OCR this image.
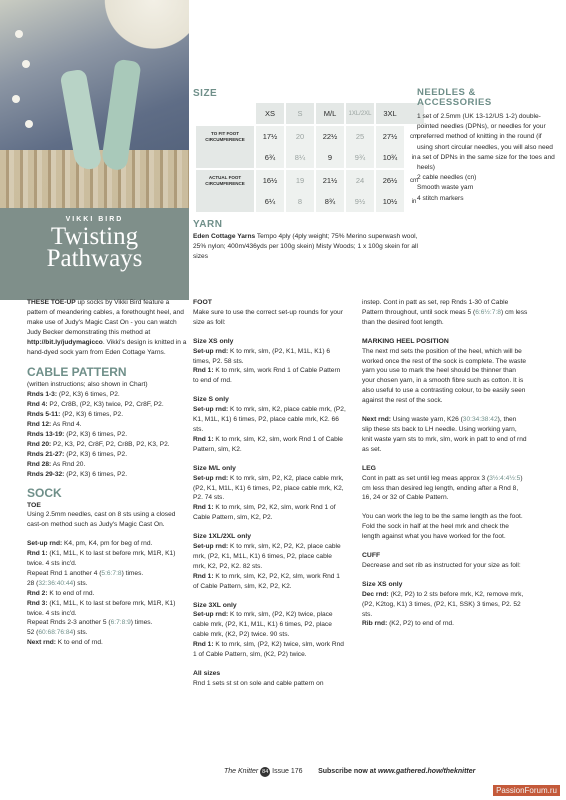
VIKKI BIRD
Twisting
Pathways
SIZE
	XS	S	M/L	1XL/2XL	3XL	

TO FIT FOOT CIRCUMFERENCE	17½	20	22½	25	27½	cm
	6¾	8¼	9	9¾	10¾	in

ACTUAL FOOT CIRCUMFERENCE	16½	19	21½	24	26½	cm
	6¼	8	8¾	9½	10½	in
YARN
Eden Cottage Yarns Tempo 4ply (4ply weight; 75% Merino superwash wool, 25% nylon; 400m/436yds per 100g skein) Misty Woods; 1 x 100g skein for all sizes
NEEDLES &
ACCESSORIES
1 set of 2.5mm (UK 13-12/US 1-2) double-pointed needles (DPNs), or needles for your preferred method of knitting in the round (if using short circular needles, you will also need a set of DPNs in the same size for the toes and heels)
2 cable needles (cn)
Smooth waste yarn
4 stitch markers

THESE TOE-UP up socks by Vikki Bird feature a pattern of meandering cables, a forethought heel, and make use of Judy's Magic Cast On - you can watch Judy Becker demonstrating this method at http://bit.ly/judymagicco. Vikki's design is knitted in a hand-dyed sock yarn from Eden Cottage Yarns.

CABLE PATTERN
(written instructions; also shown in Chart)
Rnds 1-3: (P2, K3) 6 times, P2.
Rnd 4: P2, Cr8B, (P2, K3) twice, P2, Cr8F, P2.
Rnds 5-11: (P2, K3) 6 times, P2.
Rnd 12: As Rnd 4.
Rnds 13-19: (P2, K3) 6 times, P2.
Rnd 20: P2, K3, P2, Cr8F, P2, Cr8B, P2, K3, P2.
Rnds 21-27: (P2, K3) 6 times, P2.
Rnd 28: As Rnd 20.
Rnds 29-32: (P2, K3) 6 times, P2.
SOCK
TOE

Using 2.5mm needles, cast on 8 sts using a closed cast-on method such as Judy's Magic Cast On.

Set-up rnd: K4, pm, K4, pm for beg of rnd.
Rnd 1: (K1, M1L, K to last st before mrk, M1R, K1) twice. 4 sts inc'd.
Repeat Rnd 1 another 4 (5:6:7:8) times.
28 (32:36:40:44) sts.
Rnd 2: K to end of rnd.
Rnd 3: (K1, M1L, K to last st before mrk, M1R, K1) twice. 4 sts inc'd.
Repeat Rnds 2-3 another 5 (6:7:8:9) times.
52 (60:68:76:84) sts.
Next rnd: K to end of rnd.
FOOT

Make sure to use the correct set-up rounds for your size as foll:

Size XS only
Set-up rnd: K to mrk, slm, (P2, K1, M1L, K1) 6 times, P2. 58 sts.

Rnd 1: K to mrk, slm, work Rnd 1 of Cable Pattern to end of rnd.

Size S only
Set-up rnd: K to mrk, slm, K2, place cable mrk, (P2, K1, M1L, K1) 6 times, P2, place cable mrk, K2. 66 sts.

Rnd 1: K to mrk, slm, K2, slm, work Rnd 1 of Cable Pattern, slm, K2.

Size M/L only
Set-up rnd: K to mrk, slm, P2, K2, place cable mrk, (P2, K1, M1L, K1) 6 times, P2, place cable mrk, K2, P2. 74 sts.

Rnd 1: K to mrk, slm, P2, K2, slm, work Rnd 1 of Cable Pattern, slm, K2, P2.

Size 1XL/2XL only
Set-up rnd: K to mrk, slm, K2, P2, K2, place cable mrk, (P2, K1, M1L, K1) 6 times, P2, place cable mrk, K2, P2, K2. 82 sts.

Rnd 1: K to mrk, slm, K2, P2, K2, slm, work Rnd 1 of Cable Pattern, slm, K2, P2, K2.

Size 3XL only
Set-up rnd: K to mrk, slm, (P2, K2) twice, place cable mrk, (P2, K1, M1L, K1) 6 times, P2, place cable mrk, (K2, P2) twice. 90 sts.

Rnd 1: K to mrk, slm, (P2, K2) twice, slm, work Rnd 1 of Cable Pattern, slm, (K2, P2) twice.

All sizes
Rnd 1 sets st st on sole and cable pattern on

instep. Cont in patt as set, rep Rnds 1-30 of Cable Pattern throughout, until sock meas 5 (6:6½:7:8) cm less than the desired foot length.

MARKING HEEL POSITION

The next rnd sets the position of the heel, which will be worked once the rest of the sock is complete. The waste yarn you use to mark the heel should be thinner than your chosen yarn, in a smooth fibre such as cotton. It is also useful to use a contrasting colour, to be easily seen against the rest of the sock.

Next rnd: Using waste yarn, K26 (30:34:38:42), then slip these sts back to LH needle. Using working yarn, knit waste yarn sts to mrk, slm, work in patt to end of rnd as set.

LEG

Cont in patt as set until leg meas approx 3 (3½:4:4½:5) cm less than desired leg length, ending after a Rnd 8, 16, 24 or 32 of Cable Pattern.

You can work the leg to be the same length as the foot. Fold the sock in half at the heel mrk and check the length against what you have worked for the foot.

CUFF

Decrease and set rib as instructed for your size as foll:

Size XS only
Dec rnd: (K2, P2) to 2 sts before mrk, K2, remove mrk, (P2, K2tog, K1) 3 times, (P2, K1, SSK) 3 times, P2. 52 sts.
Rib rnd: (K2, P2) to end of rnd.
The Knitter 84 Issue 176 Subscribe now at www.gathered.how/theknitter
PassionForum.ru
